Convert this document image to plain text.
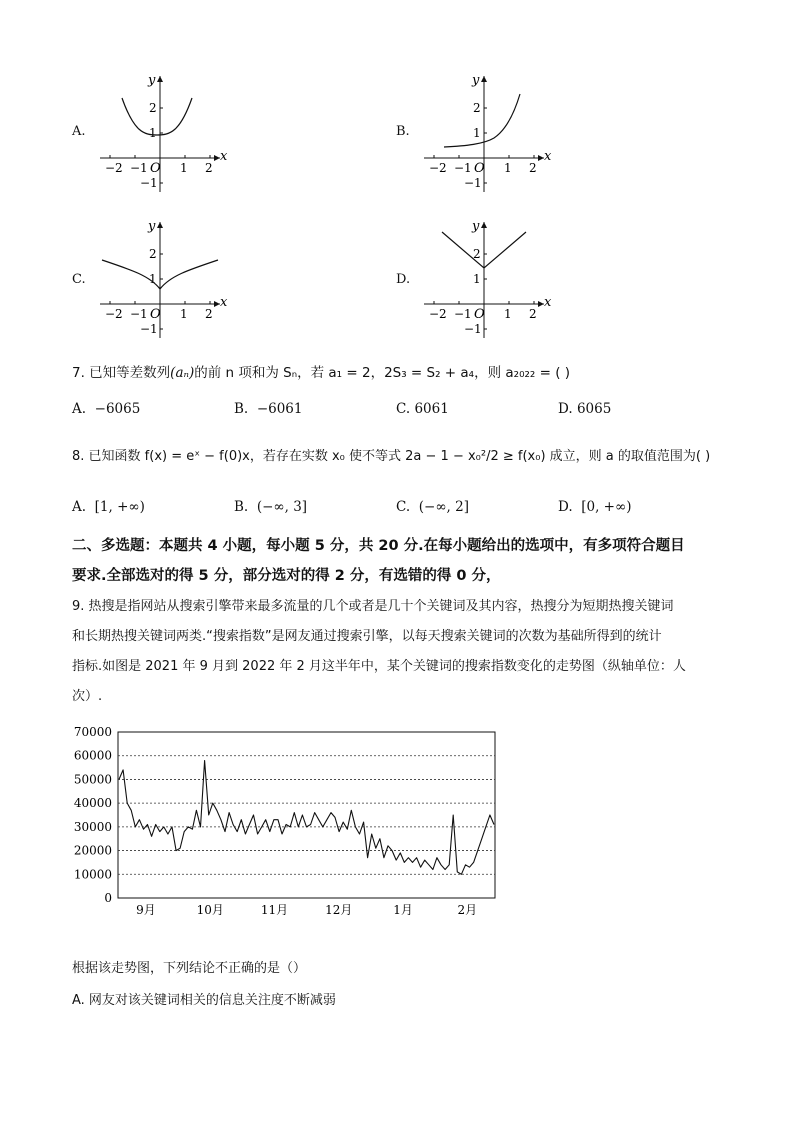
A.
−2 −1 O 1 2
2
1
−1
x
y
B.
−2 −1 O 1 2
2
1
−1
x
y
C.
−2 −1 O 1 2
2
1
−1
x
y
D.
−2 −1 O 1 2
2
1
−1
x
y
7. 已知等差数列(aₙ)的前 n 项和为 Sₙ，若 a₁ = 2，2S₃ = S₂ + a₄，则 a₂₀₂₂ = ( )
A. −6065	B. −6061	C. 6061	D. 6065
8. 已知函数 f(x) = eˣ − f(0)x，若存在实数 x₀ 使不等式 2a − 1 − x₀²/2 ≥ f(x₀) 成立，则 a 的取值范围为( )
A. [1, +∞)	B. (−∞, 3]	C. (−∞, 2]	D. [0, +∞)
二、多选题：本题共 4 小题，每小题 5 分，共 20 分.在每小题给出的选项中，有多项符合题目
要求.全部选对的得 5 分，部分选对的得 2 分，有选错的得 0 分，
9. 热搜是指网站从搜索引擎带来最多流量的几个或者是几十个关键词及其内容，热搜分为短期热搜关键词
和长期热搜关键词两类.“搜索指数”是网友通过搜索引擎，以每天搜索关键词的次数为基础所得到的统计
指标.如图是 2021 年 9 月到 2022 年 2 月这半年中，某个关键词的搜索指数变化的走势图（纵轴单位：人
次）.
0
10000
20000
30000
40000
50000
60000
70000
9月	10月	11月	12月	1月	2月
根据该走势图，下列结论不正确的是（）
A. 网友对该关键词相关的信息关注度不断减弱
